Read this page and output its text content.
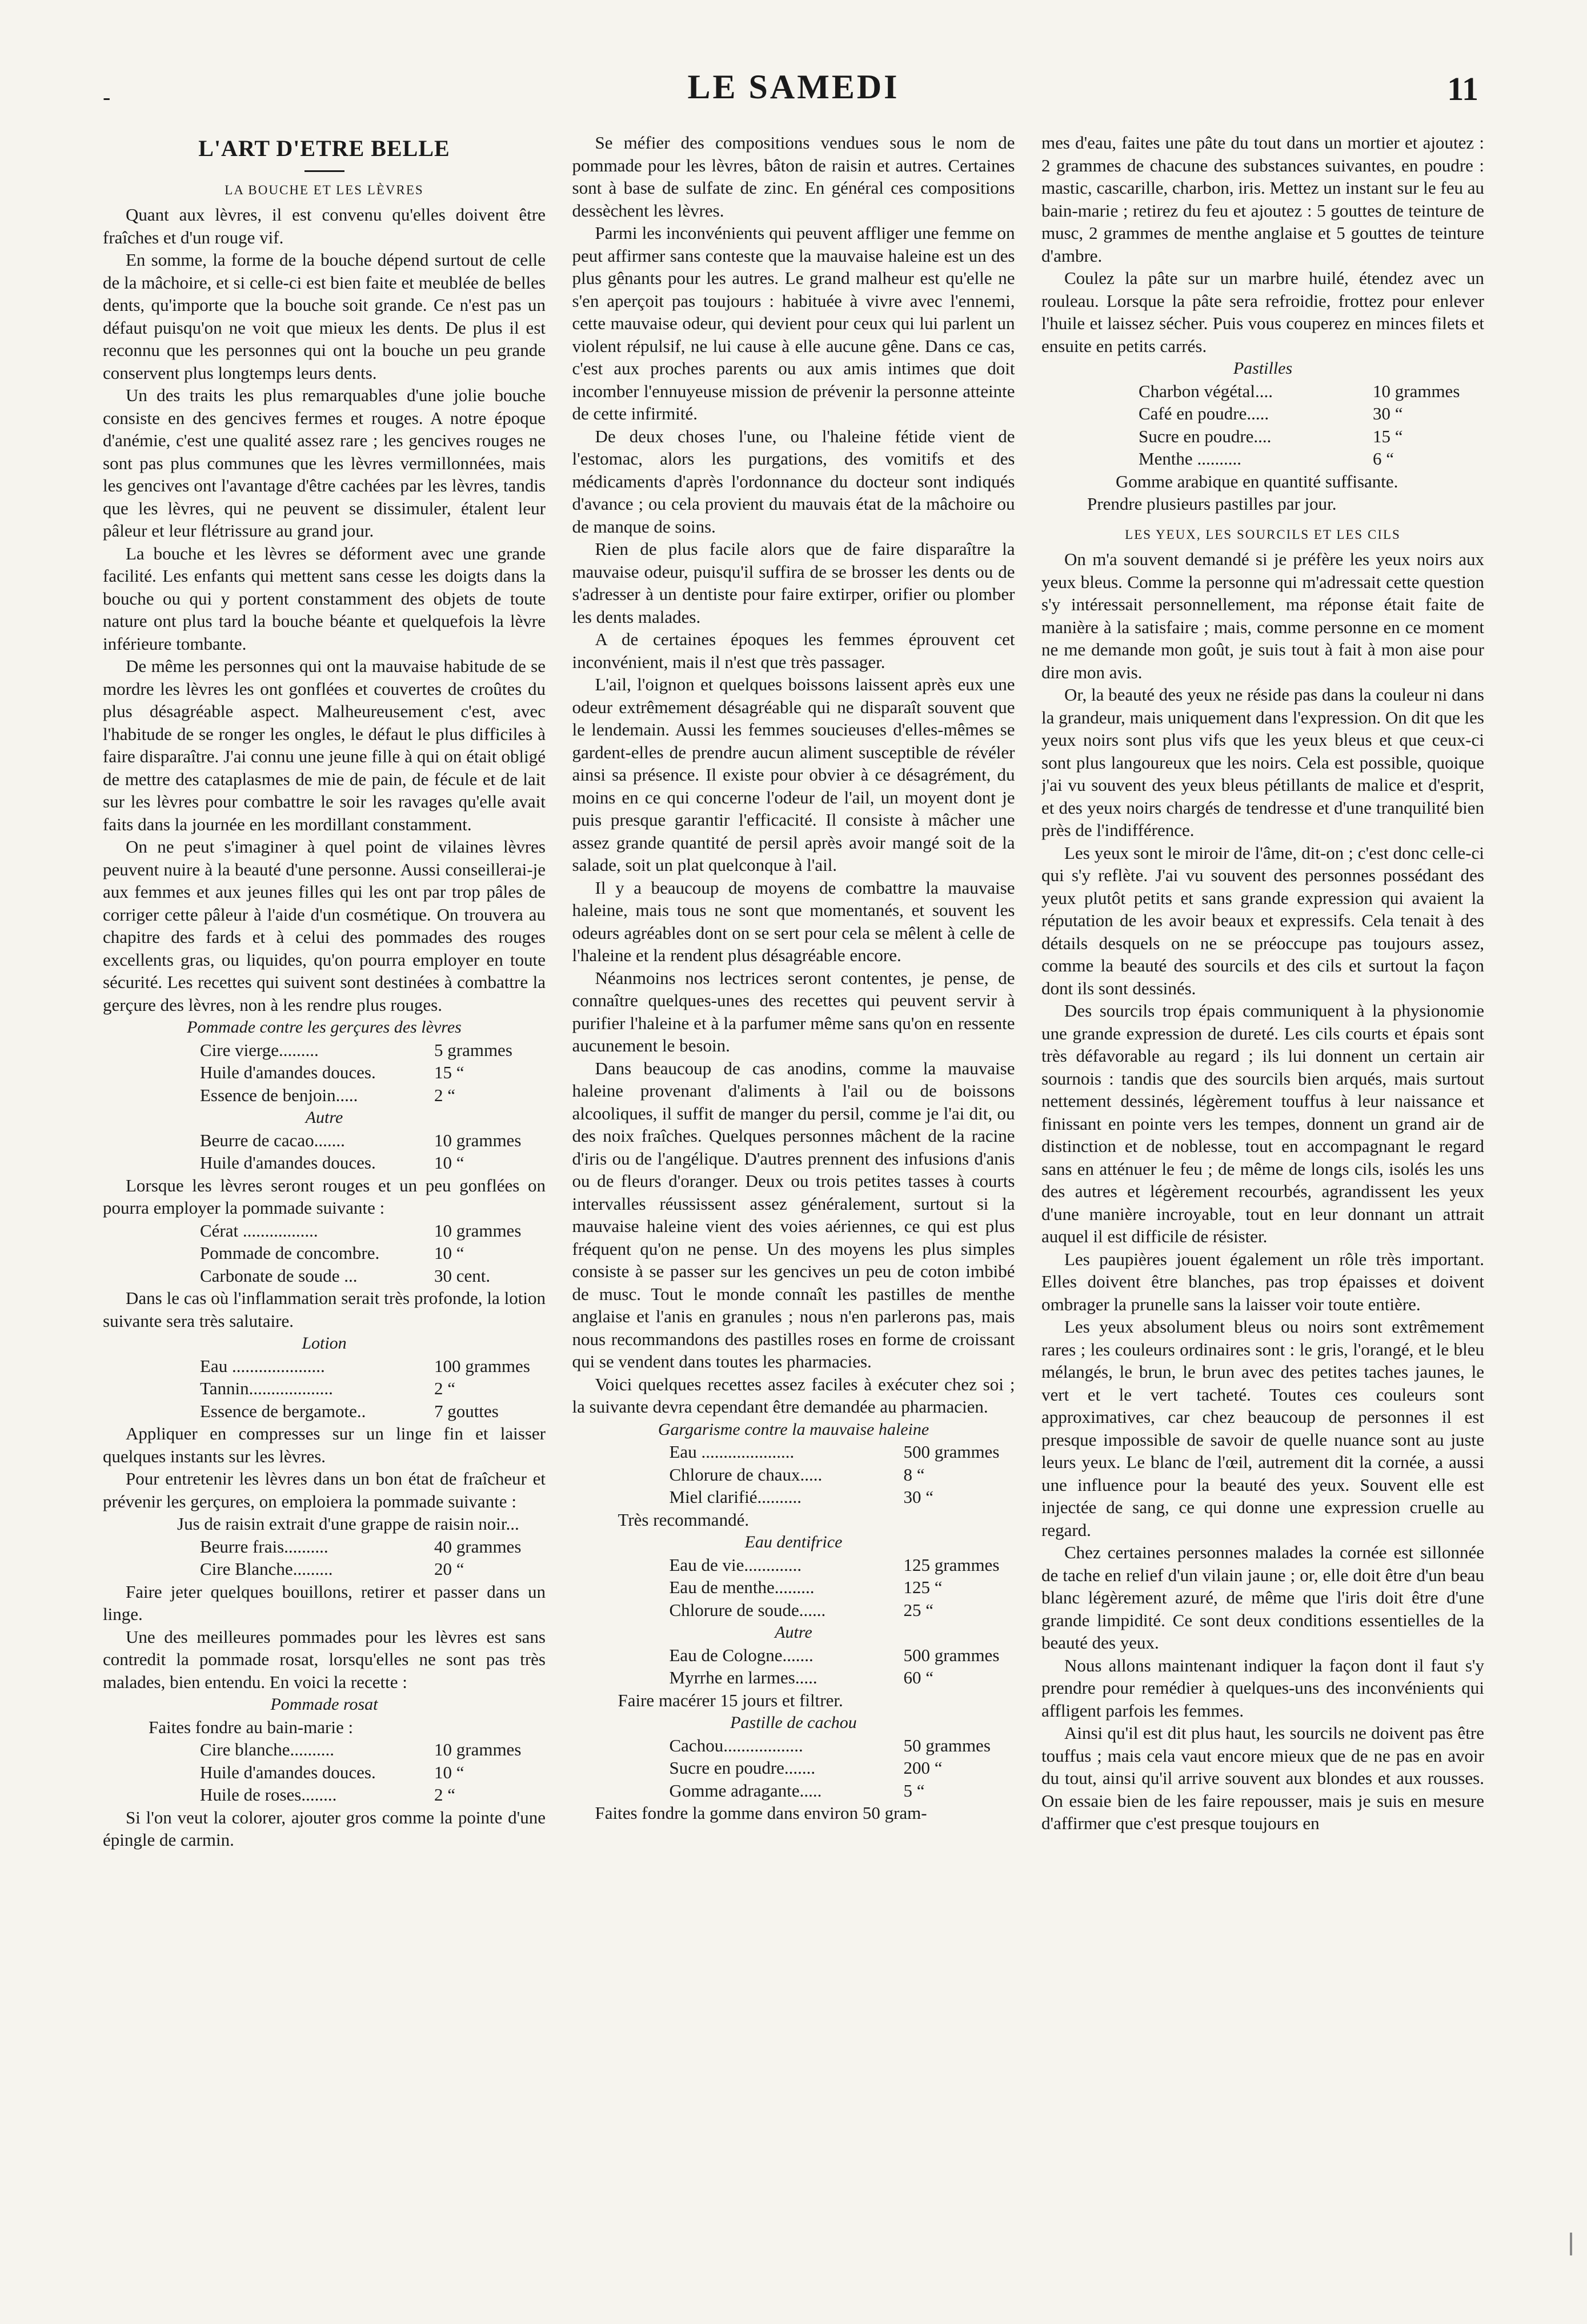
-	LE SAMEDI	11
L'ART D'ETRE BELLE
LA BOUCHE ET LES LÈVRES

Quant aux lèvres, il est convenu qu'elles doivent être fraîches et d'un rouge vif.

En somme, la forme de la bouche dépend surtout de celle de la mâchoire, et si celle-ci est bien faite et meublée de belles dents, qu'importe que la bouche soit grande. Ce n'est pas un défaut puisqu'on ne voit que mieux les dents. De plus il est reconnu que les personnes qui ont la bouche un peu grande conservent plus longtemps leurs dents.

Un des traits les plus remarquables d'une jolie bouche consiste en des gencives fermes et rouges. A notre époque d'anémie, c'est une qualité assez rare ; les gencives rouges ne sont pas plus communes que les lèvres vermillonnées, mais les gencives ont l'avantage d'être cachées par les lèvres, tandis que les lèvres, qui ne peuvent se dissimuler, étalent leur pâleur et leur flétrissure au grand jour.

La bouche et les lèvres se déforment avec une grande facilité. Les enfants qui mettent sans cesse les doigts dans la bouche ou qui y portent constamment des objets de toute nature ont plus tard la bouche béante et quelquefois la lèvre inférieure tombante.

De même les personnes qui ont la mauvaise habitude de se mordre les lèvres les ont gonflées et couvertes de croûtes du plus désagréable aspect. Malheureusement c'est, avec l'habitude de se ronger les ongles, le défaut le plus difficiles à faire disparaître. J'ai connu une jeune fille à qui on était obligé de mettre des cataplasmes de mie de pain, de fécule et de lait sur les lèvres pour combattre le soir les ravages qu'elle avait faits dans la journée en les mordillant constamment.

On ne peut s'imaginer à quel point de vilaines lèvres peuvent nuire à la beauté d'une personne. Aussi conseillerai-je aux femmes et aux jeunes filles qui les ont par trop pâles de corriger cette pâleur à l'aide d'un cosmétique. On trouvera au chapitre des fards et à celui des pommades des rouges excellents gras, ou liquides, qu'on pourra employer en toute sécurité. Les recettes qui suivent sont destinées à combattre la gerçure des lèvres, non à les rendre plus rouges.

Pommade contre les gerçures des lèvres

Cire vierge.........	5 grammes

Huile d'amandes douces.	15 “

Essence de benjoin.....	2 “

Autre

Beurre de cacao.......	10 grammes

Huile d'amandes douces.	10 “

Lorsque les lèvres seront rouges et un peu gonflées on pourra employer la pommade suivante :

Cérat .................	10 grammes

Pommade de concombre.	10 “

Carbonate de soude ...	30 cent.

Dans le cas où l'inflammation serait très profonde, la lotion suivante sera très salutaire.

Lotion

Eau .....................	100 grammes

Tannin...................	2 “

Essence de bergamote..	7 gouttes

Appliquer en compresses sur un linge fin et laisser quelques instants sur les lèvres.

Pour entretenir les lèvres dans un bon état de fraîcheur et prévenir les gerçures, on emploiera la pommade suivante :

Jus de raisin extrait d'une grappe de raisin noir...

Beurre frais..........	40 grammes

Cire Blanche.........	20 “

Faire jeter quelques bouillons, retirer et passer dans un linge.

Une des meilleures pommades pour les lèvres est sans contredit la pommade rosat, lorsqu'elles ne sont pas très malades, bien entendu. En voici la recette :

Pommade rosat

Faites fondre au bain-marie :

Cire blanche..........	10 grammes

Huile d'amandes douces.	10 “

Huile de roses........	2 “

Si l'on veut la colorer, ajouter gros comme la pointe d'une épingle de carmin.

Se méfier des compositions vendues sous le nom de pommade pour les lèvres, bâton de raisin et autres. Certaines sont à base de sulfate de zinc. En général ces compositions dessèchent les lèvres.

Parmi les inconvénients qui peuvent affliger une femme on peut affirmer sans conteste que la mauvaise haleine est un des plus gênants pour les autres. Le grand malheur est qu'elle ne s'en aperçoit pas toujours : habituée à vivre avec l'ennemi, cette mauvaise odeur, qui devient pour ceux qui lui parlent un violent répulsif, ne lui cause à elle aucune gêne. Dans ce cas, c'est aux proches parents ou aux amis intimes que doit incomber l'ennuyeuse mission de prévenir la personne atteinte de cette infirmité.

De deux choses l'une, ou l'haleine fétide vient de l'estomac, alors les purgations, des vomitifs et des médicaments d'après l'ordonnance du docteur sont indiqués d'avance ; ou cela provient du mauvais état de la mâchoire ou de manque de soins.

Rien de plus facile alors que de faire disparaître la mauvaise odeur, puisqu'il suffira de se brosser les dents ou de s'adresser à un dentiste pour faire extirper, orifier ou plomber les dents malades.

A de certaines époques les femmes éprouvent cet inconvénient, mais il n'est que très passager.

L'ail, l'oignon et quelques boissons laissent après eux une odeur extrêmement désagréable qui ne disparaît souvent que le lendemain. Aussi les femmes soucieuses d'elles-mêmes se gardent-elles de prendre aucun aliment susceptible de révéler ainsi sa présence. Il existe pour obvier à ce désagrément, du moins en ce qui concerne l'odeur de l'ail, un moyent dont je puis presque garantir l'efficacité. Il consiste à mâcher une assez grande quantité de persil après avoir mangé soit de la salade, soit un plat quelconque à l'ail.

Il y a beaucoup de moyens de combattre la mauvaise haleine, mais tous ne sont que momentanés, et souvent les odeurs agréables dont on se sert pour cela se mêlent à celle de l'haleine et la rendent plus désagréable encore.

Néanmoins nos lectrices seront contentes, je pense, de connaître quelques-unes des recettes qui peuvent servir à purifier l'haleine et à la parfumer même sans qu'on en ressente aucunement le besoin.

Dans beaucoup de cas anodins, comme la mauvaise haleine provenant d'aliments à l'ail ou de boissons alcooliques, il suffit de manger du persil, comme je l'ai dit, ou des noix fraîches. Quelques personnes mâchent de la racine d'iris ou de l'angélique. D'autres prennent des infusions d'anis ou de fleurs d'oranger. Deux ou trois petites tasses à courts intervalles réussissent assez généralement, surtout si la mauvaise haleine vient des voies aériennes, ce qui est plus fréquent qu'on ne pense. Un des moyens les plus simples consiste à se passer sur les gencives un peu de coton imbibé de musc. Tout le monde connaît les pastilles de menthe anglaise et l'anis en granules ; nous n'en parlerons pas, mais nous recommandons des pastilles roses en forme de croissant qui se vendent dans toutes les pharmacies.

Voici quelques recettes assez faciles à exécuter chez soi ; la suivante devra cependant être demandée au pharmacien.

Gargarisme contre la mauvaise haleine

Eau .....................	500 grammes

Chlorure de chaux.....	8 “

Miel clarifié..........	30 “

Très recommandé.

Eau dentifrice

Eau de vie.............	125 grammes

Eau de menthe.........	125 “

Chlorure de soude......	25 “

Autre

Eau de Cologne.......	500 grammes

Myrrhe en larmes.....	60 “

Faire macérer 15 jours et filtrer.

Pastille de cachou

Cachou..................	50 grammes

Sucre en poudre.......	200 “

Gomme adragante.....	5 “

Faites fondre la gomme dans environ 50 gram-

mes d'eau, faites une pâte du tout dans un mortier et ajoutez : 2 grammes de chacune des substances suivantes, en poudre : mastic, cascarille, charbon, iris. Mettez un instant sur le feu au bain-marie ; retirez du feu et ajoutez : 5 gouttes de teinture de musc, 2 grammes de menthe anglaise et 5 gouttes de teinture d'ambre.

Coulez la pâte sur un marbre huilé, étendez avec un rouleau. Lorsque la pâte sera refroidie, frottez pour enlever l'huile et laissez sécher. Puis vous couperez en minces filets et ensuite en petits carrés.

Pastilles

Charbon végétal....	10 grammes

Café en poudre.....	30 “

Sucre en poudre....	15 “

Menthe ..........	6 “

Gomme arabique en quantité suffisante.

Prendre plusieurs pastilles par jour.

LES YEUX, LES SOURCILS ET LES CILS

On m'a souvent demandé si je préfère les yeux noirs aux yeux bleus. Comme la personne qui m'adressait cette question s'y intéressait personnellement, ma réponse était faite de manière à la satisfaire ; mais, comme personne en ce moment ne me demande mon goût, je suis tout à fait à mon aise pour dire mon avis.

Or, la beauté des yeux ne réside pas dans la couleur ni dans la grandeur, mais uniquement dans l'expression. On dit que les yeux noirs sont plus vifs que les yeux bleus et que ceux-ci sont plus langoureux que les noirs. Cela est possible, quoique j'ai vu souvent des yeux bleus pétillants de malice et d'esprit, et des yeux noirs chargés de tendresse et d'une tranquilité bien près de l'indifférence.

Les yeux sont le miroir de l'âme, dit-on ; c'est donc celle-ci qui s'y reflète. J'ai vu souvent des personnes possédant des yeux plutôt petits et sans grande expression qui avaient la réputation de les avoir beaux et expressifs. Cela tenait à des détails desquels on ne se préoccupe pas toujours assez, comme la beauté des sourcils et des cils et surtout la façon dont ils sont dessinés.

Des sourcils trop épais communiquent à la physionomie une grande expression de dureté. Les cils courts et épais sont très défavorable au regard ; ils lui donnent un certain air sournois : tandis que des sourcils bien arqués, mais surtout nettement dessinés, légèrement touffus à leur naissance et finissant en pointe vers les tempes, donnent un grand air de distinction et de noblesse, tout en accompagnant le regard sans en atténuer le feu ; de même de longs cils, isolés les uns des autres et légèrement recourbés, agrandissent les yeux d'une manière incroyable, tout en leur donnant un attrait auquel il est difficile de résister.

Les paupières jouent également un rôle très important. Elles doivent être blanches, pas trop épaisses et doivent ombrager la prunelle sans la laisser voir toute entière.

Les yeux absolument bleus ou noirs sont extrêmement rares ; les couleurs ordinaires sont : le gris, l'orangé, et le bleu mélangés, le brun, le brun avec des petites taches jaunes, le vert et le vert tacheté. Toutes ces couleurs sont approximatives, car chez beaucoup de personnes il est presque impossible de savoir de quelle nuance sont au juste leurs yeux. Le blanc de l'œil, autrement dit la cornée, a aussi une influence pour la beauté des yeux. Souvent elle est injectée de sang, ce qui donne une expression cruelle au regard.

Chez certaines personnes malades la cornée est sillonnée de tache en relief d'un vilain jaune ; or, elle doit être d'un beau blanc légèrement azuré, de même que l'iris doit être d'une grande limpidité. Ce sont deux conditions essentielles de la beauté des yeux.

Nous allons maintenant indiquer la façon dont il faut s'y prendre pour remédier à quelques-uns des inconvénients qui affligent parfois les femmes.

Ainsi qu'il est dit plus haut, les sourcils ne doivent pas être touffus ; mais cela vaut encore mieux que de ne pas en avoir du tout, ainsi qu'il arrive souvent aux blondes et aux rousses. On essaie bien de les faire repousser, mais je suis en mesure d'affirmer que c'est presque toujours en
